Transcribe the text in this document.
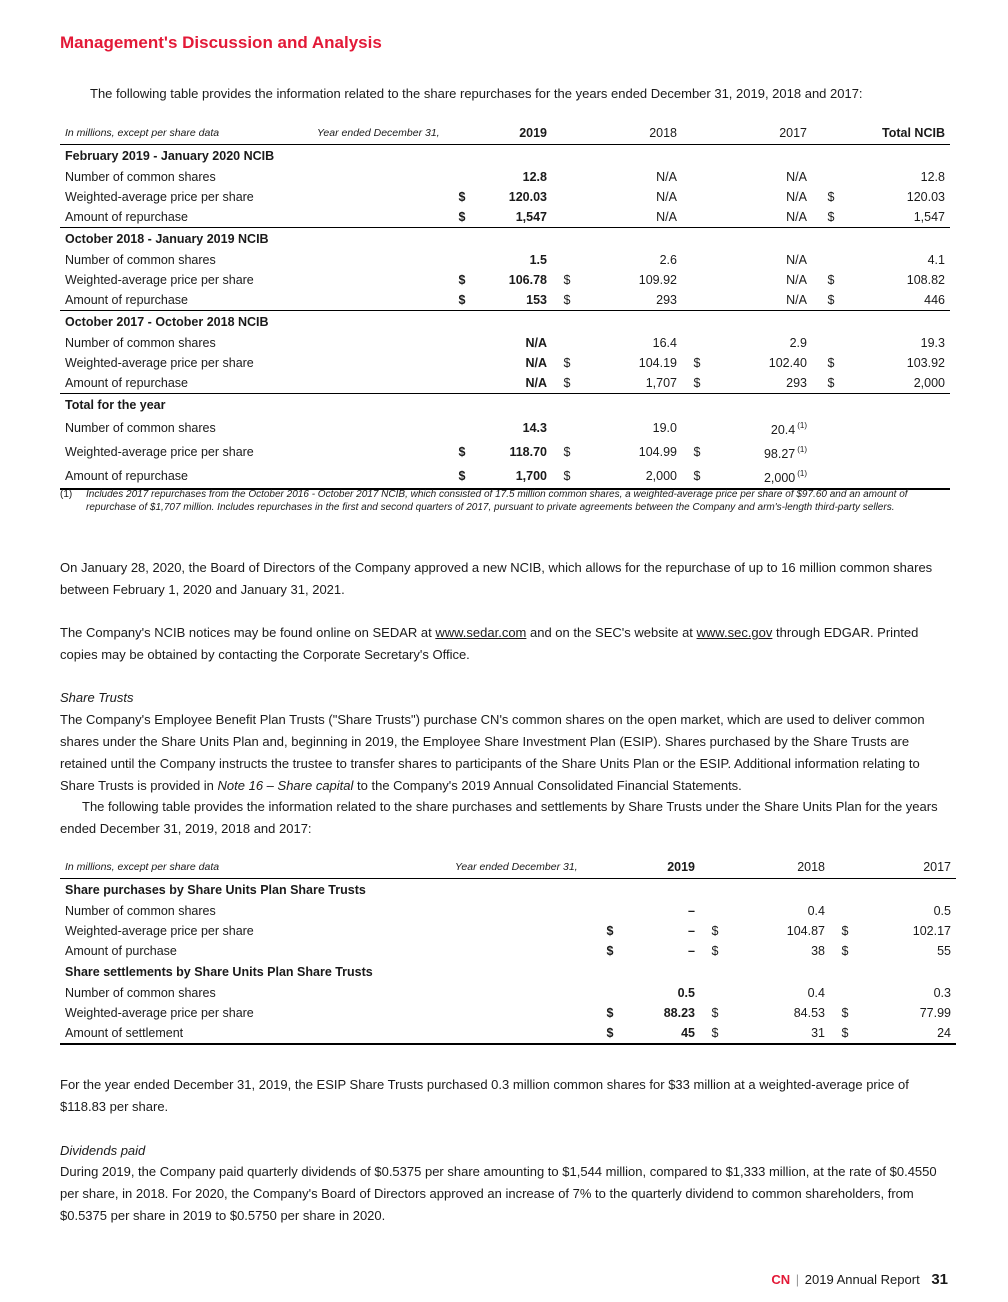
Management's Discussion and Analysis

The following table provides the information related to the share repurchases for the years ended December 31, 2019, 2018 and 2017:

In millions, except per share data	Year ended December 31,		2019		2018		2017		Total NCIB
February 2019 - January 2020 NCIB									
Number of common shares			12.8		N/A		N/A		12.8
Weighted-average price per share		$	120.03		N/A		N/A	$	120.03
Amount of repurchase		$	1,547		N/A		N/A	$	1,547
October 2018 - January 2019 NCIB									
Number of common shares			1.5		2.6		N/A		4.1
Weighted-average price per share		$	106.78	$	109.92		N/A	$	108.82
Amount of repurchase		$	153	$	293		N/A	$	446
October 2017 - October 2018 NCIB									
Number of common shares			N/A		16.4		2.9		19.3
Weighted-average price per share			N/A	$	104.19	$	102.40	$	103.92
Amount of repurchase			N/A	$	1,707	$	293	$	2,000
Total for the year									
Number of common shares			14.3		19.0		20.4 $^{(1)}$		
Weighted-average price per share		$	118.70	$	104.99	$	98.27 $^{(1)}$		
Amount of repurchase		$	1,700	$	2,000	$	2,000 $^{(1)}$		

(1) Includes 2017 repurchases from the October 2016 - October 2017 NCIB, which consisted of 17.5 million common shares, a weighted-average price per share of $97.60 and an amount of repurchase of $1,707 million. Includes repurchases in the first and second quarters of 2017, pursuant to private agreements between the Company and arm's-length third-party sellers.

On January 28, 2020, the Board of Directors of the Company approved a new NCIB, which allows for the repurchase of up to 16 million common shares between February 1, 2020 and January 31, 2021.

The Company's NCIB notices may be found online on SEDAR at www.sedar.com and on the SEC's website at www.sec.gov through EDGAR. Printed copies may be obtained by contacting the Corporate Secretary's Office.

Share Trusts

The Company's Employee Benefit Plan Trusts ("Share Trusts") purchase CN's common shares on the open market, which are used to deliver common shares under the Share Units Plan and, beginning in 2019, the Employee Share Investment Plan (ESIP). Shares purchased by the Share Trusts are retained until the Company instructs the trustee to transfer shares to participants of the Share Units Plan or the ESIP. Additional information relating to Share Trusts is provided in Note 16 – Share capital to the Company's 2019 Annual Consolidated Financial Statements.

The following table provides the information related to the share purchases and settlements by Share Trusts under the Share Units Plan for the years ended December 31, 2019, 2018 and 2017:

In millions, except per share data	Year ended December 31,		2019		2018		2017
Share purchases by Share Units Plan Share Trusts							
Number of common shares			–		0.4		0.5
Weighted-average price per share		$	–	$	104.87	$	102.17
Amount of purchase		$	–	$	38	$	55
Share settlements by Share Units Plan Share Trusts							
Number of common shares			0.5		0.4		0.3
Weighted-average price per share		$	88.23	$	84.53	$	77.99
Amount of settlement		$	45	$	31	$	24

For the year ended December 31, 2019, the ESIP Share Trusts purchased 0.3 million common shares for $33 million at a weighted-average price of $118.83 per share.

Dividends paid

During 2019, the Company paid quarterly dividends of $0.5375 per share amounting to $1,544 million, compared to $1,333 million, at the rate of $0.4550 per share, in 2018. For 2020, the Company's Board of Directors approved an increase of 7% to the quarterly dividend to common shareholders, from $0.5375 per share in 2019 to $0.5750 per share in 2020.

CN | 2019 Annual Report 31
